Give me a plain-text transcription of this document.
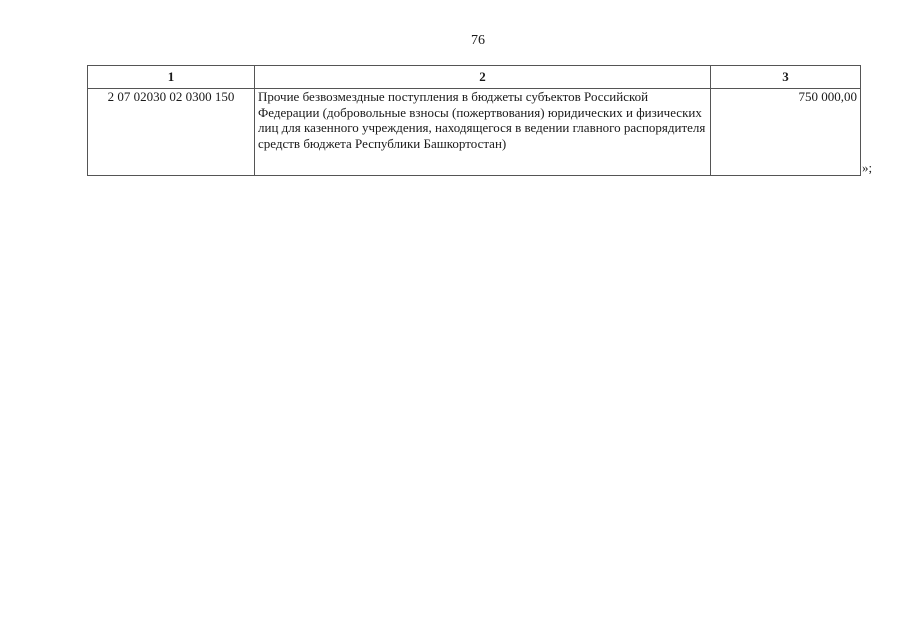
76
1	2	3
2 07 02030 02 0300 150	Прочие безвозмездные поступления в бюджеты субъектов Российской Федерации (добровольные взносы (пожертвования) юридических и физических лиц для казенного учреждения, находящегося в ведении главного распорядителя средств бюджета Республики Башкортостан)	750 000,00
»;
